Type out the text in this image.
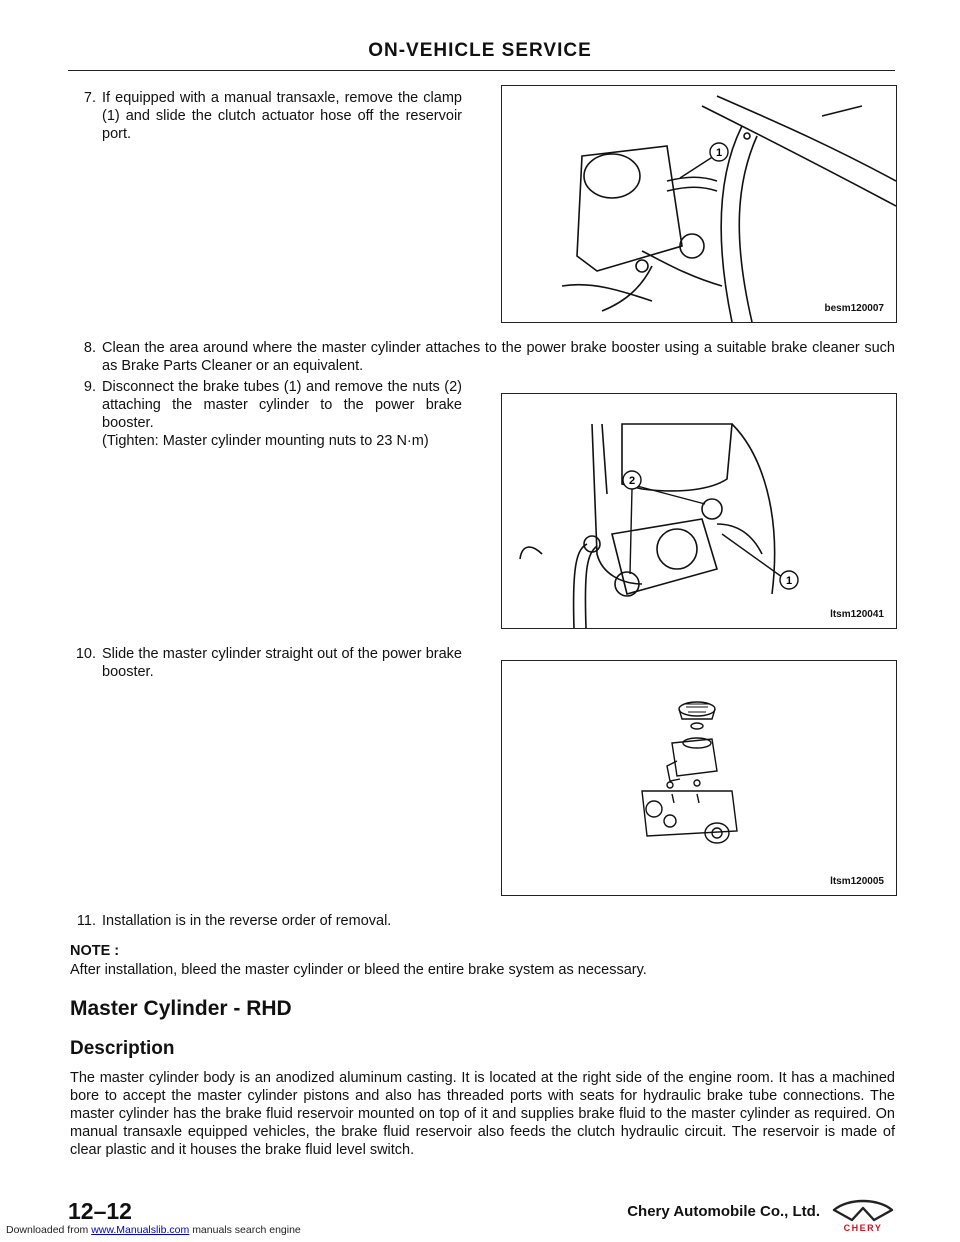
ON-VEHICLE SERVICE
7. If equipped with a manual transaxle, remove the clamp (1) and slide the clutch actuator hose off the reservoir port.
1
besm120007
8. Clean the area around where the master cylinder attaches to the power brake booster using a suitable brake cleaner such as Brake Parts Cleaner or an equivalent.
9. Disconnect the brake tubes (1) and remove the nuts (2) attaching the master cylinder to the power brake booster.
(Tighten: Master cylinder mounting nuts to 23 N·m)
2
1
ltsm120041
10. Slide the master cylinder straight out of the power brake booster.
ltsm120005
11. Installation is in the reverse order of removal.
NOTE :
After installation, bleed the master cylinder or bleed the entire brake system as necessary.
Master Cylinder - RHD
Description
The master cylinder body is an anodized aluminum casting. It is located at the right side of the engine room. It has a machined bore to accept the master cylinder pistons and also has threaded ports with seats for hydraulic brake tube connections. The master cylinder has the brake fluid reservoir mounted on top of it and supplies brake fluid to the master cylinder as required. On manual transaxle equipped vehicles, the brake fluid reservoir also feeds the clutch hydraulic circuit. The reservoir is made of clear plastic and it houses the brake fluid level switch.
12–12	Chery Automobile Co., Ltd.
CHERY
Downloaded from www.Manualslib.com manuals search engine
